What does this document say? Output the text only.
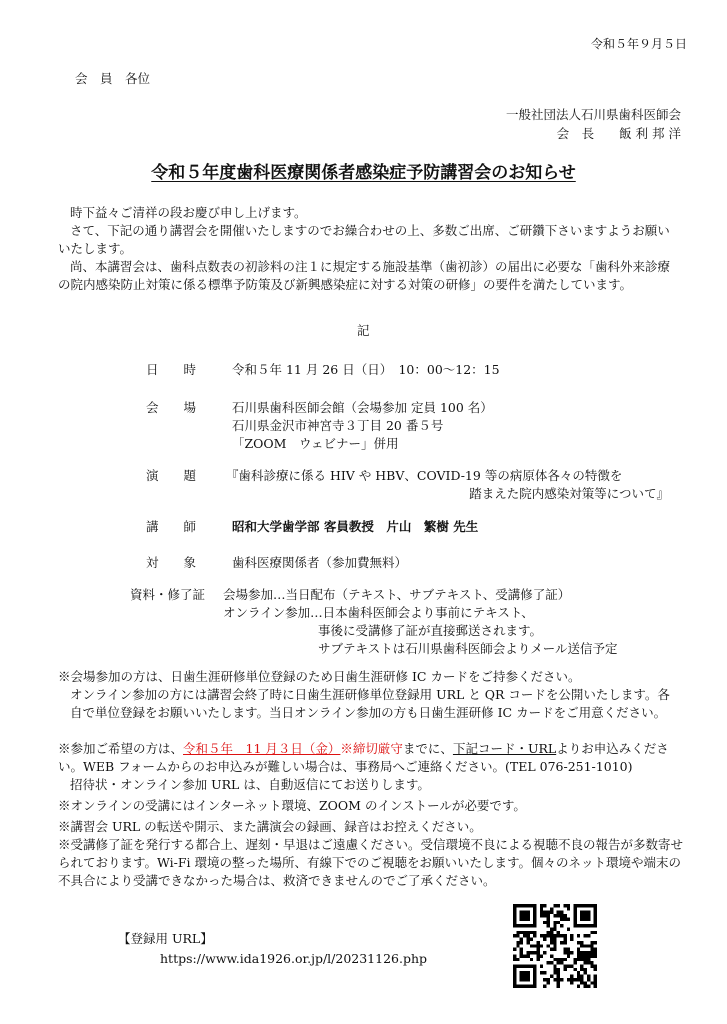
令和５年９月５日
会　員　各位
一般社団法人石川県歯科医師会
会　長　　飯 利 邦 洋
令和５年度歯科医療関係者感染症予防講習会のお知らせ
時下益々ご清祥の段お慶び申し上げます。
さて、下記の通り講習会を開催いたしますのでお繰合わせの上、多数ご出席、ご研鑽下さいますようお願いいたします。
尚、本講習会は、歯科点数表の初診料の注１に規定する施設基準（歯初診）の届出に必要な「歯科外来診療の院内感染防止対策に係る標準予防策及び新興感染症に対する対策の研修」の要件を満たしています。
記
日　　時	令和５年 11 月 26 日（日）　10：00～12：15
会　　場	石川県歯科医師会館（会場参加 定員 100 名）
石川県金沢市神宮寺３丁目 20 番５号
「ZOOM　ウェビナー」併用
演　　題 『歯科診療に係る HIV や HBV、COVID-19 等の病原体各々の特徴を
踏まえた院内感染対策等について』
講　　師	昭和大学歯学部 客員教授　片山　繁樹 先生
対　　象	歯科医療関係者（参加費無料）
資料・修了証 会場参加…当日配布（テキスト、サブテキスト、受講修了証）
オンライン参加…日本歯科医師会より事前にテキスト、
事後に受講修了証が直接郵送されます。
サブテキストは石川県歯科医師会よりメール送信予定
※会場参加の方は、日歯生涯研修単位登録のため日歯生涯研修 IC カードをご持参ください。
オンライン参加の方には講習会終了時に日歯生涯研修単位登録用 URL と QR コードを公開いたします。各自で単位登録をお願いいたします。当日オンライン参加の方も日歯生涯研修 IC カードをご用意ください。
※参加ご希望の方は、令和５年　11 月３日（金）※締切厳守までに、下記コード・URLよりお申込みください。WEB フォームからのお申込みが難しい場合は、事務局へご連絡ください。(TEL 076-251-1010)
招待状・オンライン参加 URL は、自動返信にてお送りします。
※オンラインの受講にはインターネット環境、ZOOM のインストールが必要です。
※講習会 URL の転送や開示、また講演会の録画、録音はお控えください。
※受講修了証を発行する都合上、遅刻・早退はご遠慮ください。受信環境不良による視聴不良の報告が多数寄せられております。Wi-Fi 環境の整った場所、有線下でのご視聴をお願いいたします。個々のネット環境や端末の不具合により受講できなかった場合は、救済できませんのでご了承ください。
【登録用 URL】
https://www.ida1926.or.jp/l/20231126.php
